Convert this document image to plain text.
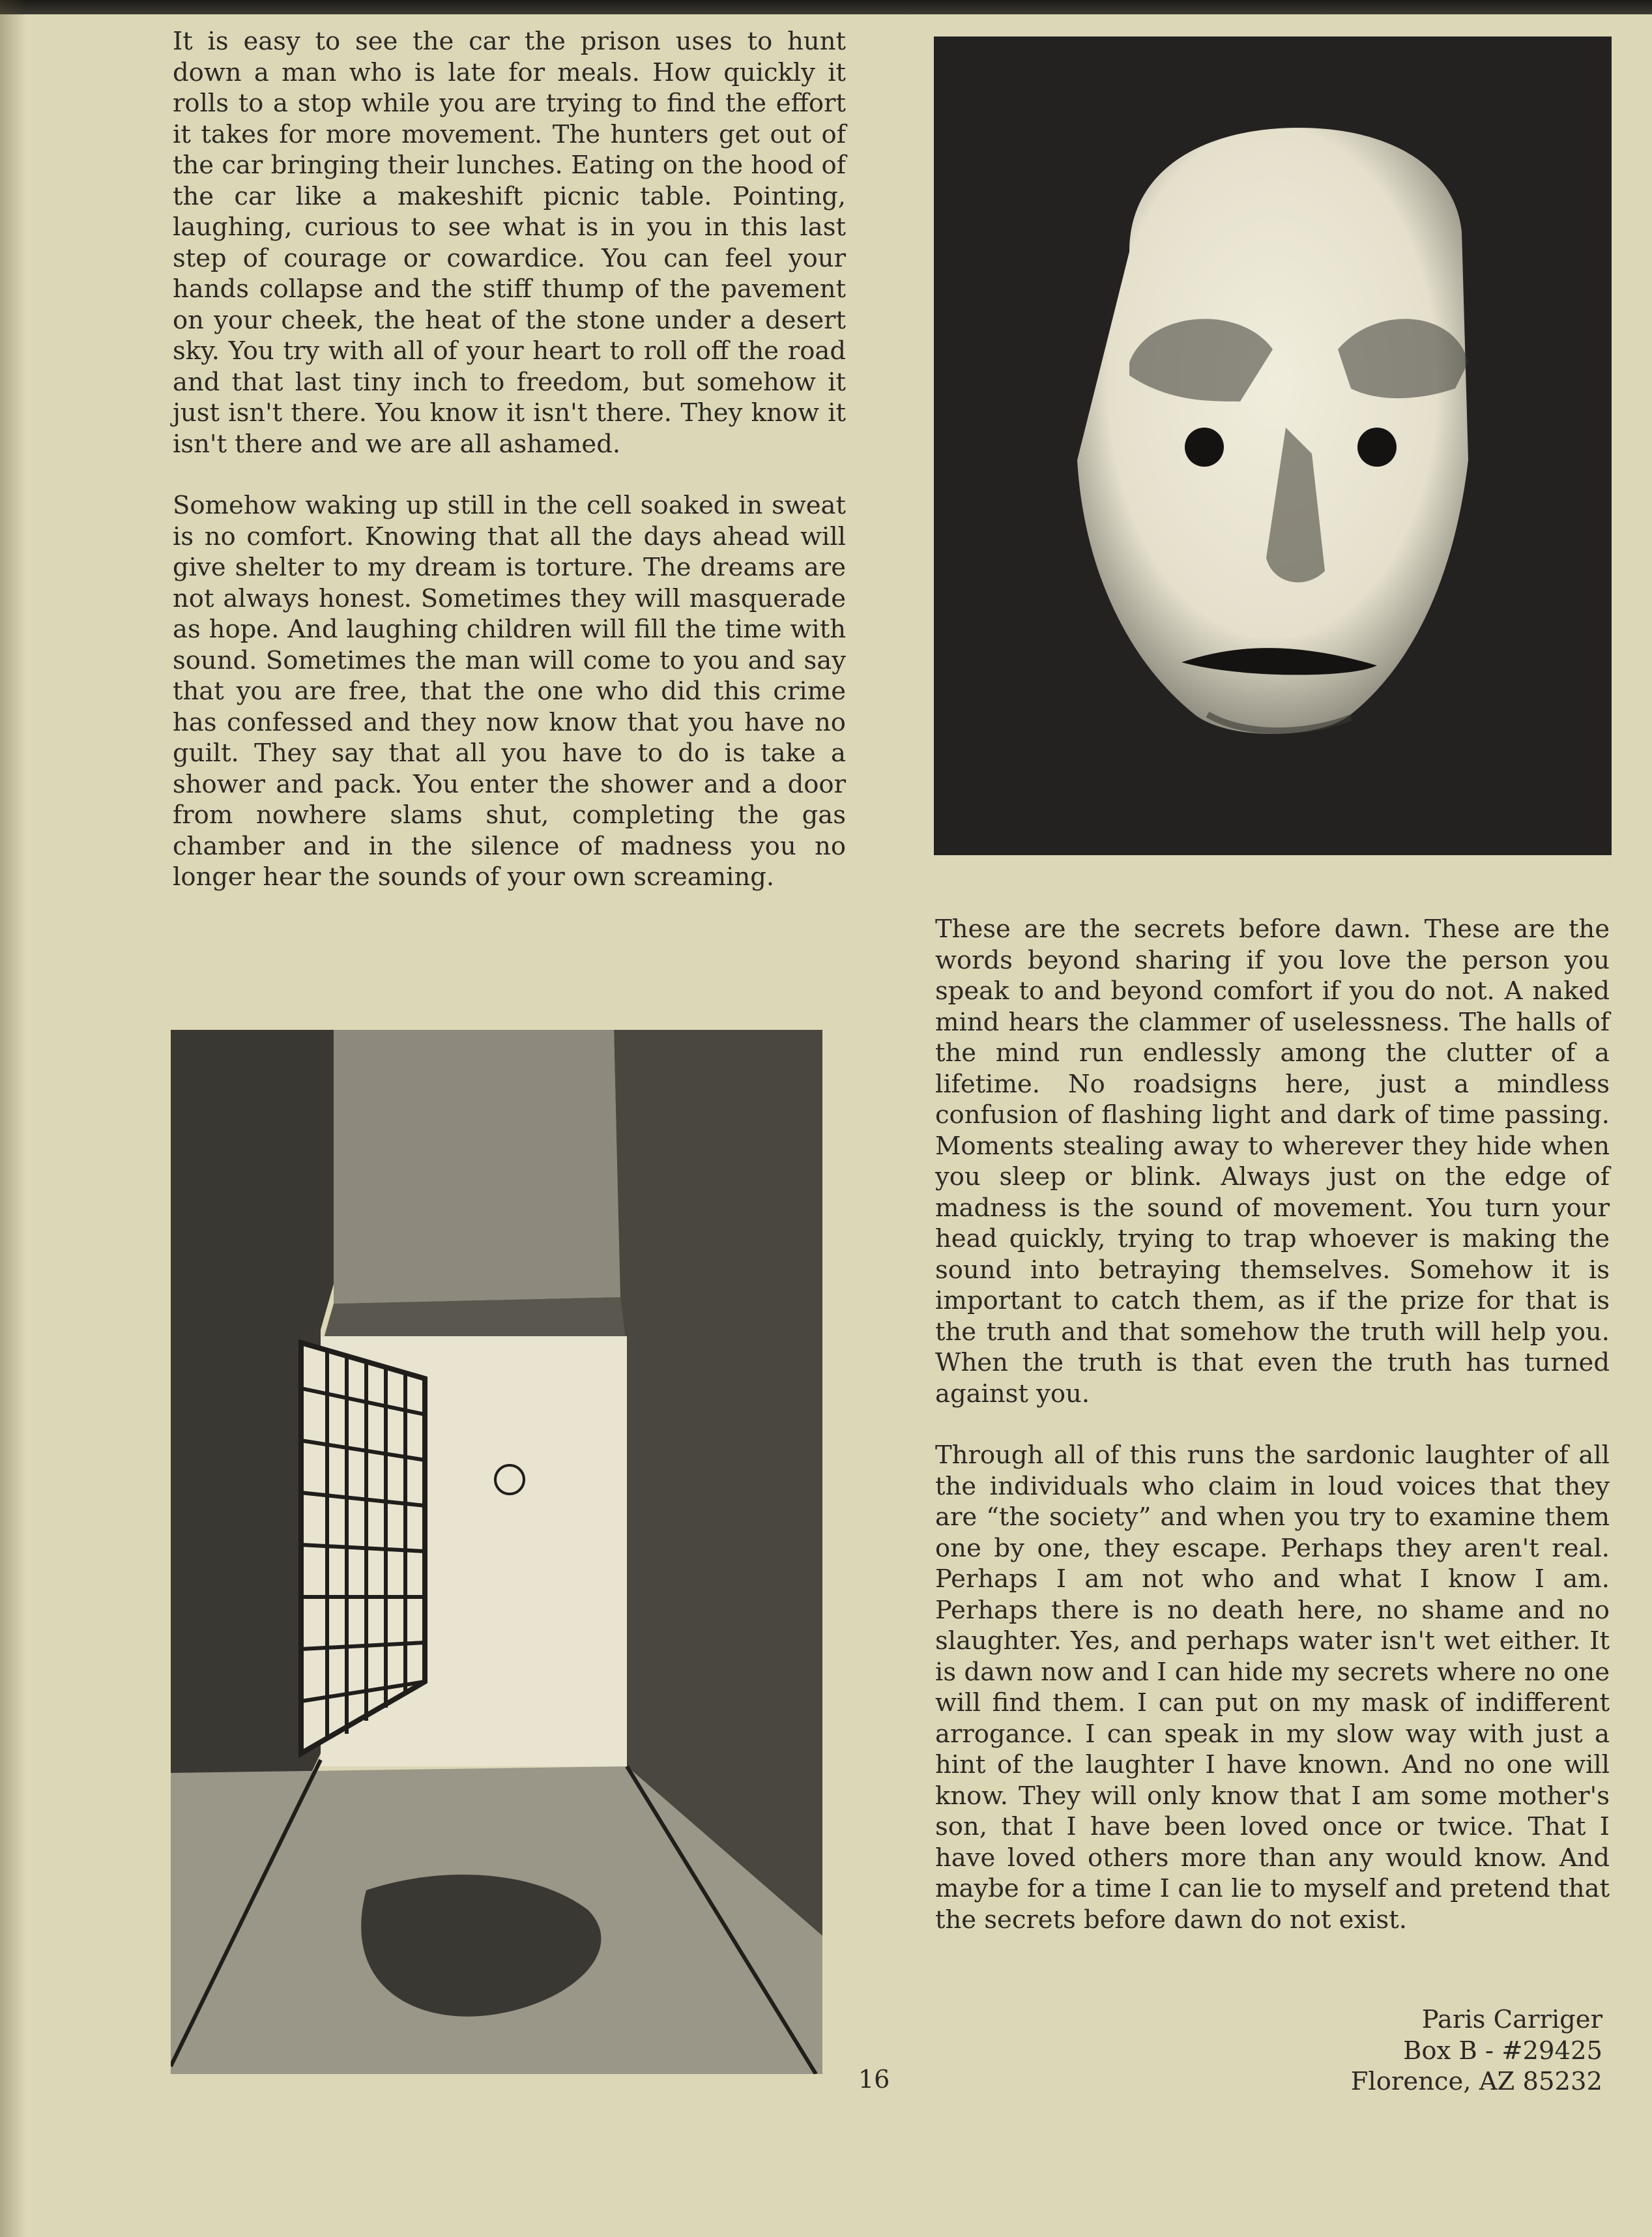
It is easy to see the car the prison uses to hunt down a man who is late for meals. How quickly it rolls to a stop while you are trying to find the effort it takes for more movement. The hunters get out of the car bringing their lunches. Eating on the hood of the car like a makeshift picnic table. Pointing, laughing, curious to see what is in you in this last step of courage or cowardice. You can feel your hands collapse and the stiff thump of the pavement on your cheek, the heat of the stone under a desert sky. You try with all of your heart to roll off the road and that last tiny inch to freedom, but somehow it just isn't there. You know it isn't there. They know it isn't there and we are all ashamed.

Somehow waking up still in the cell soaked in sweat is no comfort. Knowing that all the days ahead will give shelter to my dream is torture. The dreams are not always honest. Sometimes they will masquerade as hope. And laughing children will fill the time with sound. Sometimes the man will come to you and say that you are free, that the one who did this crime has confessed and they now know that you have no guilt. They say that all you have to do is take a shower and pack. You enter the shower and a door from nowhere slams shut, completing the gas chamber and in the silence of madness you no longer hear the sounds of your own screaming.

These are the secrets before dawn. These are the words beyond sharing if you love the person you speak to and beyond comfort if you do not. A naked mind hears the clammer of uselessness. The halls of the mind run endlessly among the clutter of a lifetime. No roadsigns here, just a mindless confusion of flashing light and dark of time passing. Moments stealing away to wherever they hide when you sleep or blink. Always just on the edge of madness is the sound of movement. You turn your head quickly, trying to trap whoever is making the sound into betraying themselves. Somehow it is important to catch them, as if the prize for that is the truth and that somehow the truth will help you. When the truth is that even the truth has turned against you.

Through all of this runs the sardonic laughter of all the individuals who claim in loud voices that they are “the society” and when you try to examine them one by one, they escape. Perhaps they aren't real. Perhaps I am not who and what I know I am. Perhaps there is no death here, no shame and no slaughter. Yes, and perhaps water isn't wet either. It is dawn now and I can hide my secrets where no one will find them. I can put on my mask of indifferent arrogance. I can speak in my slow way with just a hint of the laughter I have known. And no one will know. They will only know that I am some mother's son, that I have been loved once or twice. That I have loved others more than any would know. And maybe for a time I can lie to myself and pretend that the secrets before dawn do not exist.

Paris Carriger
Box B - #29425
Florence, AZ 85232
16
